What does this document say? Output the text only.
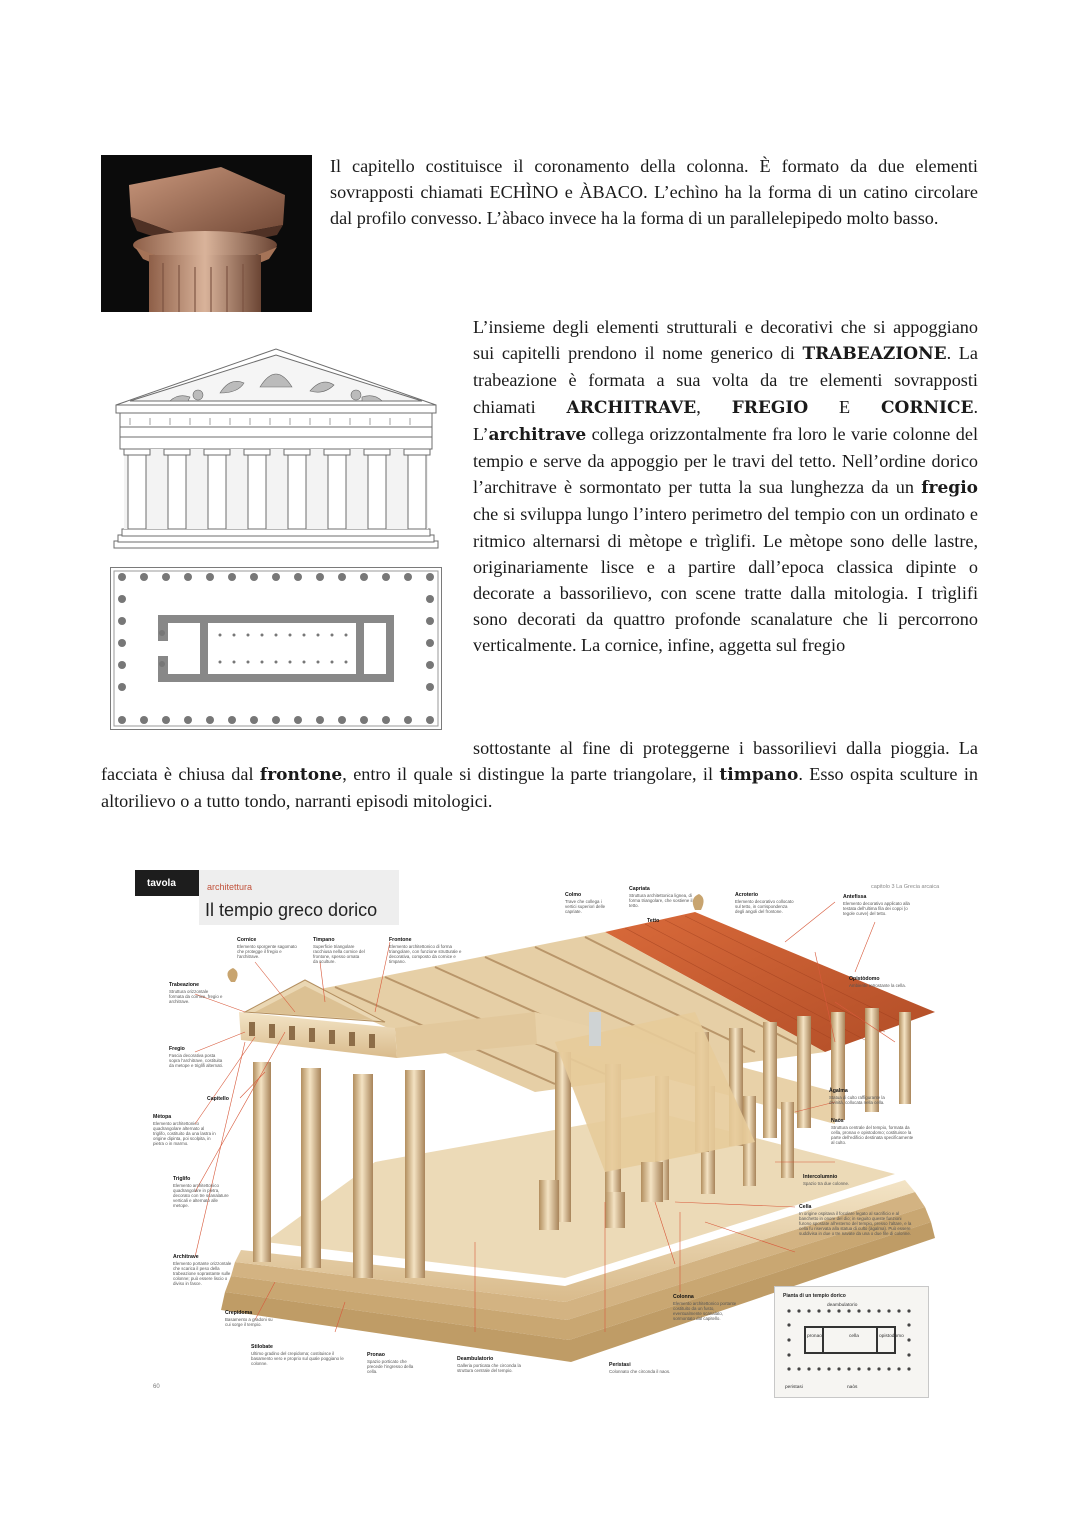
Il capitello costituisce il coronamento della colonna. È formato da due elementi sovrapposti chiamati ECHÌNO e ÀBACO. L’echìno ha la forma di un catino circolare dal profilo convesso. L’àbaco invece ha la forma di un parallelepipedo molto basso.

L’insieme degli elementi strutturali e decorativi che si appoggiano sui capitelli prendono il nome generico di TRABEAZIONE. La trabeazione è formata a sua volta da tre elementi sovrapposti chiamati ARCHITRAVE, FREGIO E CORNICE. L’architrave collega orizzontalmente fra loro le varie colonne del tempio e serve da appoggio per le travi del tetto. Nell’ordine dorico l’architrave è sormontato per tutta la sua lunghezza da un fregio che si sviluppa lungo l’intero perimetro del tempio con un ordinato e ritmico alternarsi di mètope e trìglifi. Le mètope sono delle lastre, originariamente lisce e a partire dall’epoca classica dipinte o decorate a bassorilievo, con scene tratte dalla mitologia. I trìglifi sono decorati da quattro profonde scanalature che li percorrono verticalmente. La cornice, infine, aggetta sul fregio

sottostante al fine di proteggerne i bassorilievi dalla pioggia. La facciata è chiusa dal frontone, entro il quale si distingue la parte triangolare, il timpano. Esso ospita sculture in altorilievo o a tutto tondo, narranti episodi mitologici.

tavola	architettura
Il tempio greco dorico
capitolo 3 La Grecia arcaica
60
Cornice
Elemento sporgente sagomato che protegge il fregio e l’architrave.
Timpano
Superficie triangolare racchiusa nella cornice del frontone, spesso ornata da sculture.
Frontone
Elemento architettonico di forma triangolare, con funzione strutturale e decorativa, composto da cornice e timpano.
Colmo
Trave che collega i vertici superiori delle capriate.
Capriata
Struttura architettonica lignea, di forma triangolare, che sostiene il tetto.
Tetto
Acroterio
Elemento decorativo collocato sul tetto, in corrispondenza degli angoli del frontone.
Antefissa
Elemento decorativo applicato alla testata dell’ultima fila dei coppi (o tegole curve) del tetto.
Trabeazione
Struttura orizzontale formata da cornice, fregio e architrave.
Fregio
Fascia decorativa posta sopra l’architrave, costituita da metope e triglifi alternati.
Capitello
Mètopa
Elemento architettonico quadrangolare alternato al triglifo, costituito da una lastra in origine dipinta, poi scolpita, in pietra o in marmo.
Triglifo
Elemento architettonico quadrangolare in pietra, decorato con tre scanalature verticali e alternato alle metope.
Architrave
Elemento portante orizzontale che scarica il peso della trabeazione soprastante sulle colonne; può essere liscio o diviso in fasce.
Crepidoma
Basamento a gradoni su cui sorge il tempio.
Stilobate
Ultimo gradino del crepidoma; costituisce il basamento vero e proprio sul quale poggiano le colonne.
Pronao
Spazio porticato che precede l’ingresso della cella.
Deambulatorio
Galleria porticata che circonda la struttura centrale del tempio.
Peristasi
Colonnato che circonda il naos.
Colonna
Elemento architettonico portante costituito da un fusto, eventualmente scanalato, sormontato dal capitello.
Opistòdomo
Ambiente retrostante la cella.
Àgalma
Statua di culto raffigurante la divinità, collocata nella cella.
Naòs
Struttura centrale del tempio, formata da cella, pronao e opistodomo; costituisce la parte dell’edificio destinata specificamente al culto.
Intercolumnio
Spazio tra due colonne.
Cella
In origine ospitava il focolare legato al sacrificio e al banchetto in onore del dio; in seguito queste funzioni furono spostate all’esterno del tempio, presso l’altare, e la cella fu riservata alla statua di culto (àgalma). Può essere suddivisa in due o tre navate da una o due file di colonne.
Pianta di un tempio dorico
deambulatorio
pronao	cella	opistodomo
peristasi	naòs
